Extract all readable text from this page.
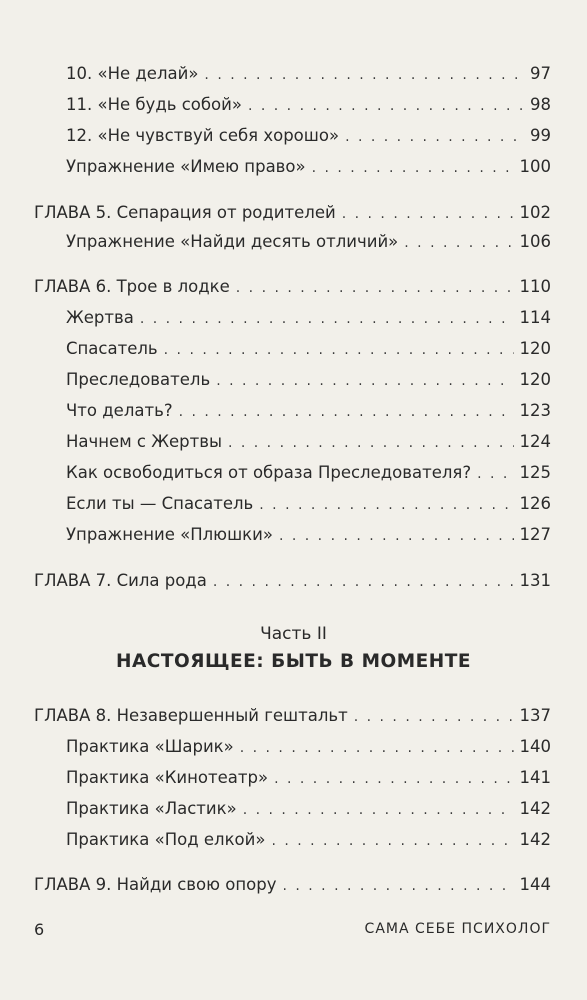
10. «Не делай» . . .	97
11. «Не будь собой» . . .	98
12. «Не чувствуй себя хорошо» . . .	99
Упражнение «Имею право» . . .	100
ГЛАВА 5. Сепарация от родителей . . .	102
Упражнение «Найди десять отличий» . . .	106
ГЛАВА 6. Трое в лодке . . .	110
Жертва . . .	114
Спасатель . . .	120
Преследователь . . .	120
Что делать? . . .	123
Начнем с Жертвы . . .	124
Как освободиться от образа Преследователя? . . .	125
Если ты — Спасатель . . .	126
Упражнение «Плюшки» . . .	127
ГЛАВА 7. Сила рода . . .	131
Часть II
НАСТОЯЩЕЕ: БЫТЬ В МОМЕНТЕ
ГЛАВА 8. Незавершенный гештальт . . .	137
Практика «Шарик» . . .	140
Практика «Кинотеатр» . . .	141
Практика «Ластик» . . .	142
Практика «Под елкой» . . .	142
ГЛАВА 9. Найди свою опору . . .	144
6	САМА СЕБЕ ПСИХОЛОГ
